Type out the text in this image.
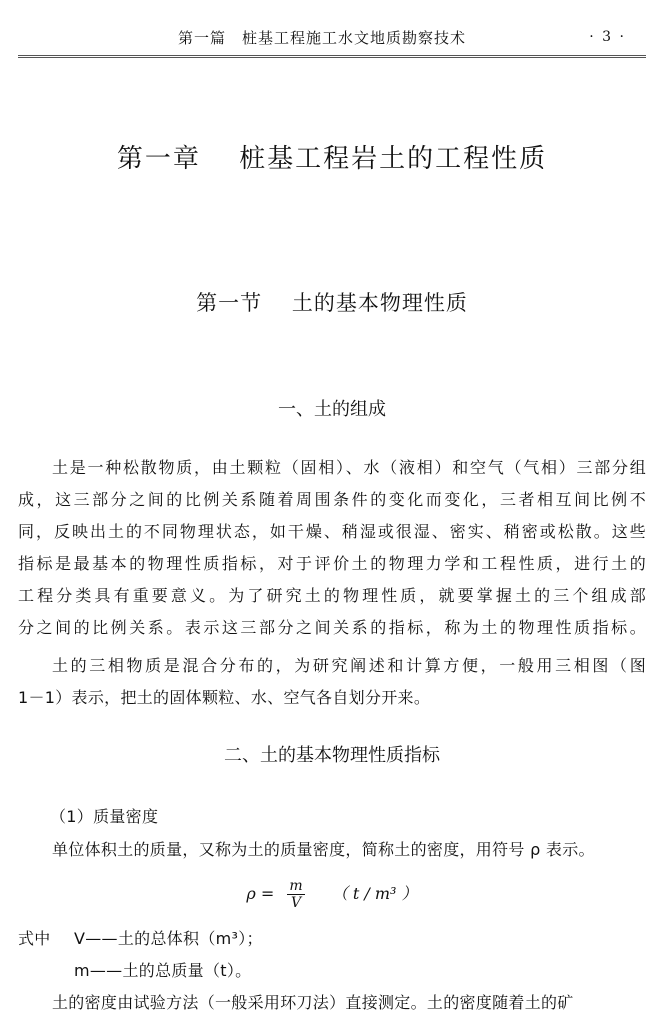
第一篇　桩基工程施工水文地质勘察技术	· 3 ·
第一章　 桩基工程岩土的工程性质
第一节　 土的基本物理性质
一、土的组成
土是一种松散物质，由土颗粒（固相）、水（液相）和空气（气相）三部分组
成，这三部分之间的比例关系随着周围条件的变化而变化，三者相互间比例不
同，反映出土的不同物理状态，如干燥、稍湿或很湿、密实、稍密或松散。这些
指标是最基本的物理性质指标，对于评价土的物理力学和工程性质，进行土的
工程分类具有重要意义。为了研究土的物理性质，就要掌握土的三个组成部
分之间的比例关系。表示这三部分之间关系的指标，称为土的物理性质指标。
土的三相物质是混合分布的，为研究阐述和计算方便，一般用三相图（图
1－1）表示，把土的固体颗粒、水、空气各自划分开来。
二、土的基本物理性质指标
（1）质量密度
单位体积土的质量，又称为土的质量密度，简称土的密度，用符号 ρ 表示。
$\rho = \frac{m}{V}$ （ t / m³ ）
式中 V——土的总体积（m³）；
m——土的总质量（t）。
土的密度由试验方法（一般采用环刀法）直接测定。土的密度随着土的矿
